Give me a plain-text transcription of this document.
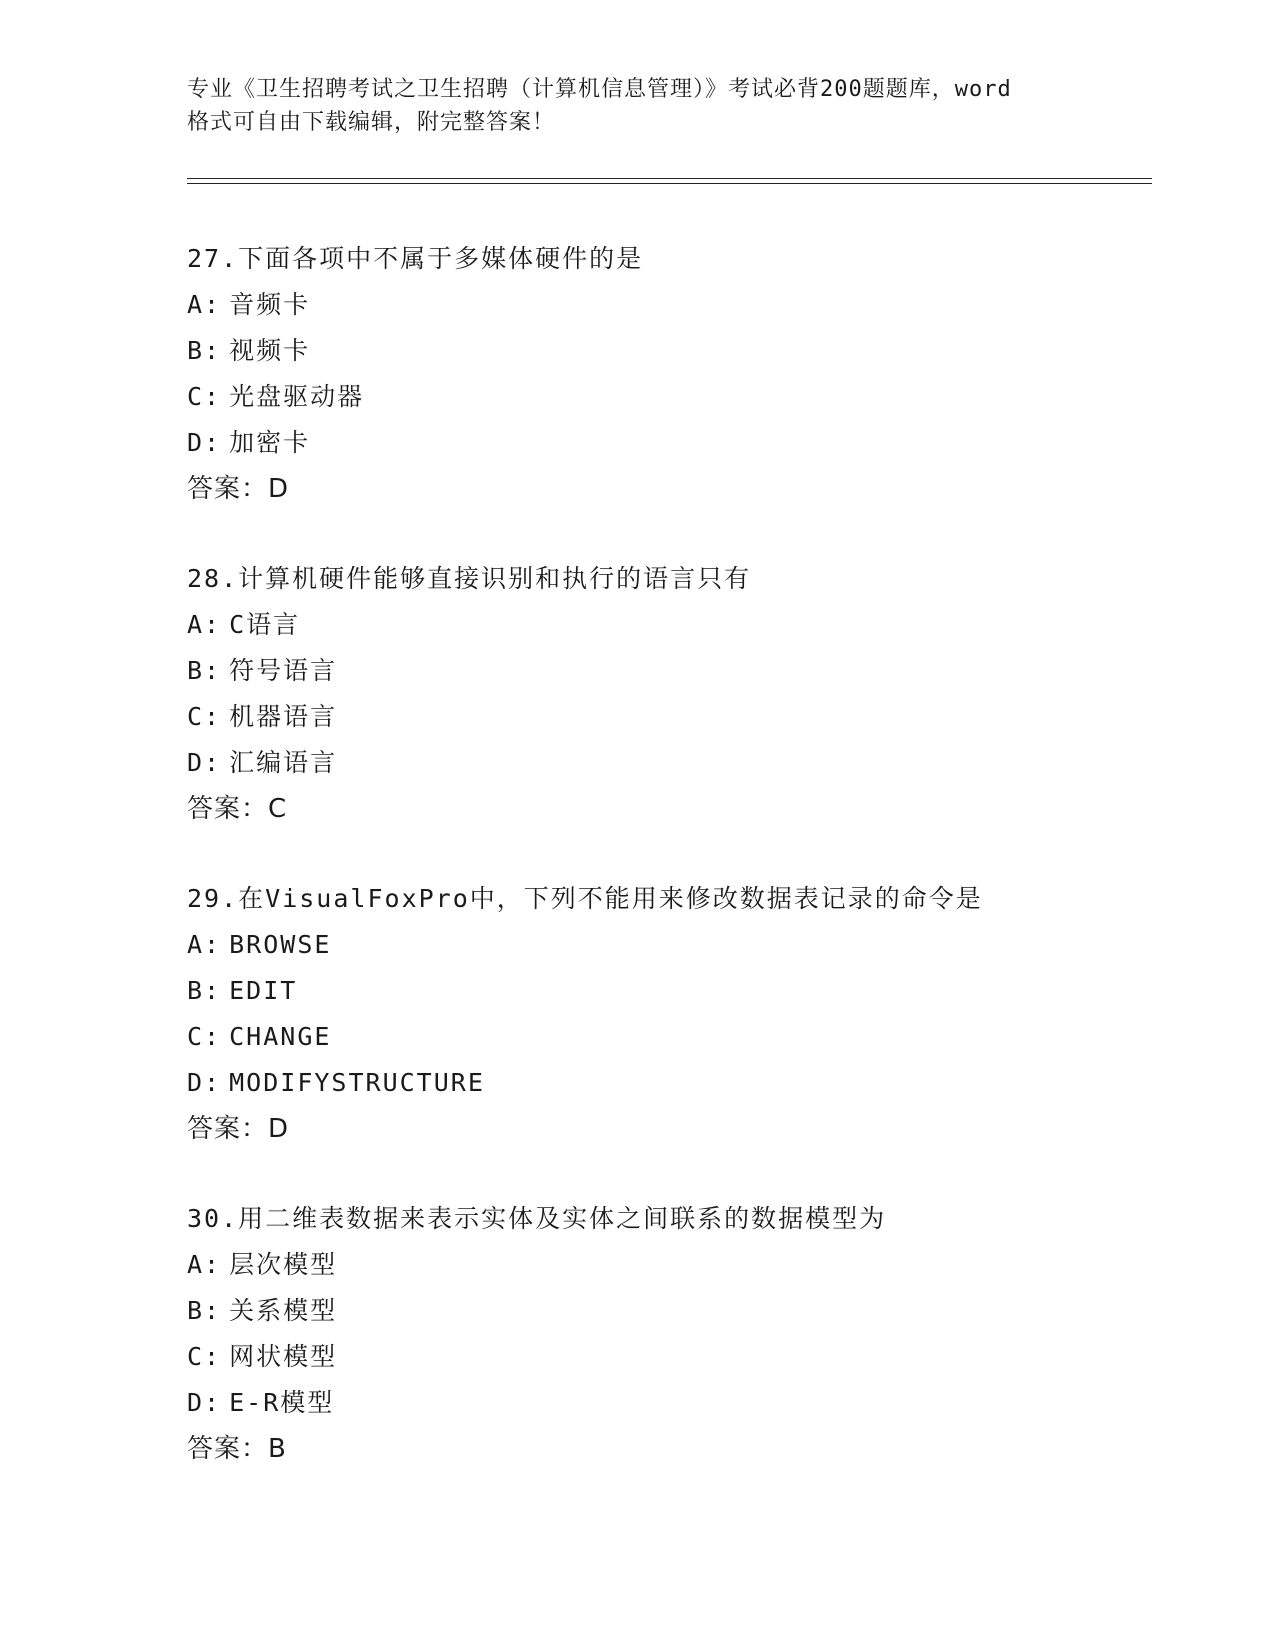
专业《卫生招聘考试之卫生招聘（计算机信息管理）》考试必背200题题库，word
格式可自由下载编辑，附完整答案！
27.下面各项中不属于多媒体硬件的是
A: 音频卡
B: 视频卡
C: 光盘驱动器
D: 加密卡
答案：D
28.计算机硬件能够直接识别和执行的语言只有
A: C语言
B: 符号语言
C: 机器语言
D: 汇编语言
答案：C
29.在VisualFoxPro中，下列不能用来修改数据表记录的命令是
A: BROWSE
B: EDIT
C: CHANGE
D: MODIFYSTRUCTURE
答案：D
30.用二维表数据来表示实体及实体之间联系的数据模型为
A: 层次模型
B: 关系模型
C: 网状模型
D: E-R模型
答案：B
